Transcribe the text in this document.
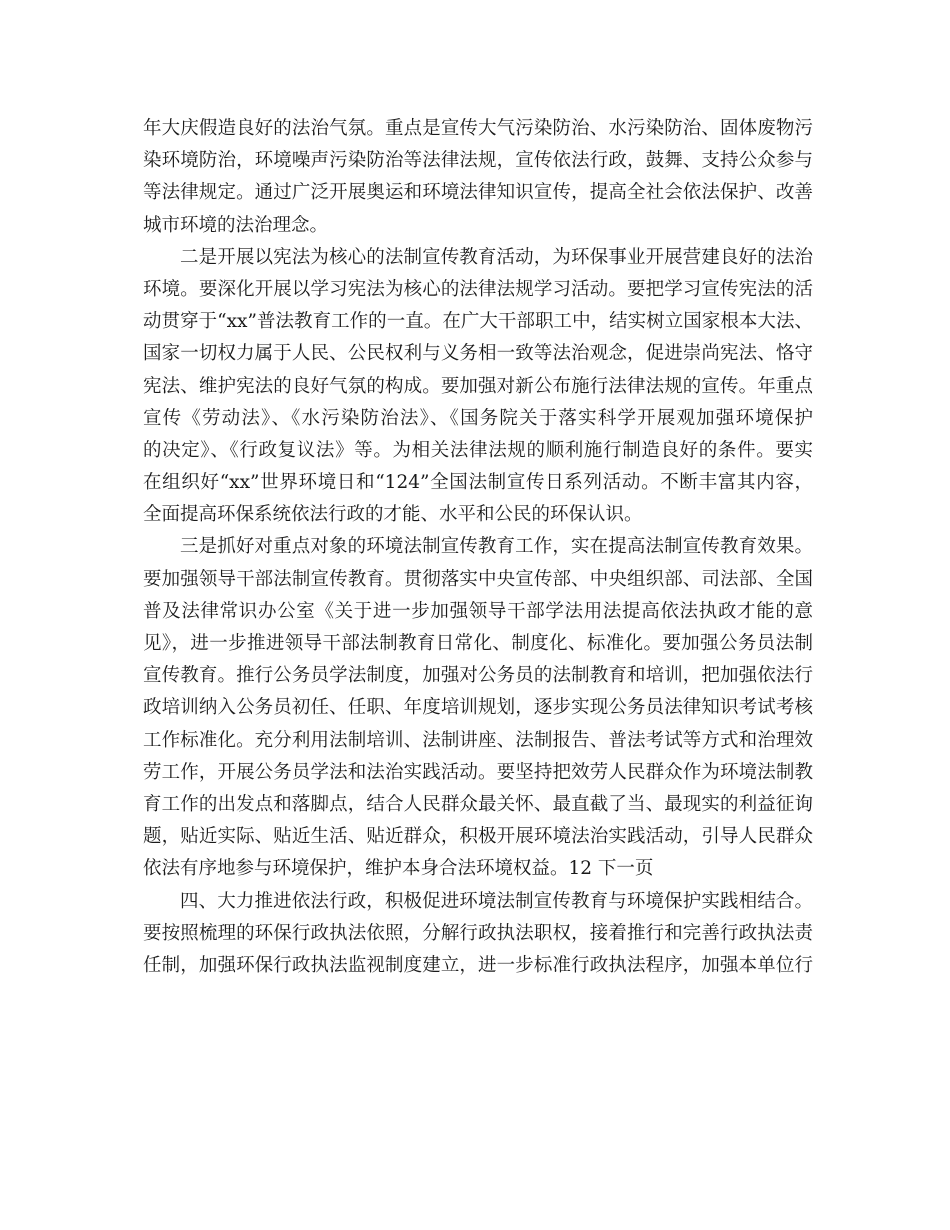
年大庆假造良好的法治气氛。重点是宣传大气污染防治、水污染防治、固体废物污
染环境防治，环境噪声污染防治等法律法规，宣传依法行政，鼓舞、支持公众参与
等法律规定。通过广泛开展奥运和环境法律知识宣传，提高全社会依法保护、改善
城市环境的法治理念。
二是开展以宪法为核心的法制宣传教育活动，为环保事业开展营建良好的法治
环境。要深化开展以学习宪法为核心的法律法规学习活动。要把学习宣传宪法的活
动贯穿于“xx”普法教育工作的一直。在广大干部职工中，结实树立国家根本大法、
国家一切权力属于人民、公民权利与义务相一致等法治观念，促进崇尚宪法、恪守
宪法、维护宪法的良好气氛的构成。要加强对新公布施行法律法规的宣传。年重点
宣传《劳动法》、《水污染防治法》、《国务院关于落实科学开展观加强环境保护
的决定》、《行政复议法》等。为相关法律法规的顺利施行制造良好的条件。要实
在组织好“xx”世界环境日和“124”全国法制宣传日系列活动。不断丰富其内容，
全面提高环保系统依法行政的才能、水平和公民的环保认识。
三是抓好对重点对象的环境法制宣传教育工作，实在提高法制宣传教育效果。
要加强领导干部法制宣传教育。贯彻落实中央宣传部、中央组织部、司法部、全国
普及法律常识办公室《关于进一步加强领导干部学法用法提高依法执政才能的意
见》，进一步推进领导干部法制教育日常化、制度化、标准化。要加强公务员法制
宣传教育。推行公务员学法制度，加强对公务员的法制教育和培训，把加强依法行
政培训纳入公务员初任、任职、年度培训规划，逐步实现公务员法律知识考试考核
工作标准化。充分利用法制培训、法制讲座、法制报告、普法考试等方式和治理效
劳工作，开展公务员学法和法治实践活动。要坚持把效劳人民群众作为环境法制教
育工作的出发点和落脚点，结合人民群众最关怀、最直截了当、最现实的利益征询
题，贴近实际、贴近生活、贴近群众，积极开展环境法治实践活动，引导人民群众
依法有序地参与环境保护，维护本身合法环境权益。12 下一页
四、大力推进依法行政，积极促进环境法制宣传教育与环境保护实践相结合。
要按照梳理的环保行政执法依照，分解行政执法职权，接着推行和完善行政执法责
任制，加强环保行政执法监视制度建立，进一步标准行政执法程序，加强本单位行
